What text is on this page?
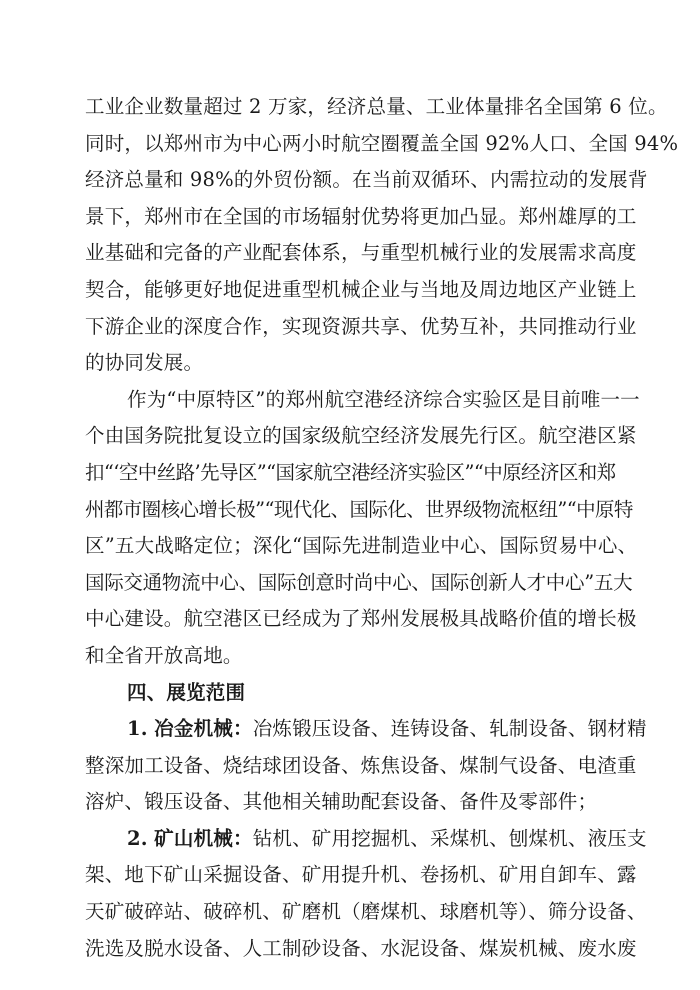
工业企业数量超过 2 万家，经济总量、工业体量排名全国第 6 位。
同时，以郑州市为中心两小时航空圈覆盖全国 92%人口、全国 94%
经济总量和 98%的外贸份额。在当前双循环、内需拉动的发展背
景下，郑州市在全国的市场辐射优势将更加凸显。郑州雄厚的工
业基础和完备的产业配套体系，与重型机械行业的发展需求高度
契合，能够更好地促进重型机械企业与当地及周边地区产业链上
下游企业的深度合作，实现资源共享、优势互补，共同推动行业
的协同发展。
作为“中原特区”的郑州航空港经济综合实验区是目前唯一一
个由国务院批复设立的国家级航空经济发展先行区。航空港区紧
扣“‘空中丝路’先导区”“国家航空港经济实验区”“中原经济区和郑
州都市圈核心增长极”“现代化、国际化、世界级物流枢纽”“中原特
区”五大战略定位；深化“国际先进制造业中心、国际贸易中心、
国际交通物流中心、国际创意时尚中心、国际创新人才中心”五大
中心建设。航空港区已经成为了郑州发展极具战略价值的增长极
和全省开放高地。
四、展览范围
1. 冶金机械：冶炼锻压设备、连铸设备、轧制设备、钢材精
整深加工设备、烧结球团设备、炼焦设备、煤制气设备、电渣重
溶炉、锻压设备、其他相关辅助配套设备、备件及零部件；
2. 矿山机械：钻机、矿用挖掘机、采煤机、刨煤机、液压支
架、地下矿山采掘设备、矿用提升机、卷扬机、矿用自卸车、露
天矿破碎站、破碎机、矿磨机（磨煤机、球磨机等）、筛分设备、
洗选及脱水设备、人工制砂设备、水泥设备、煤炭机械、废水废
